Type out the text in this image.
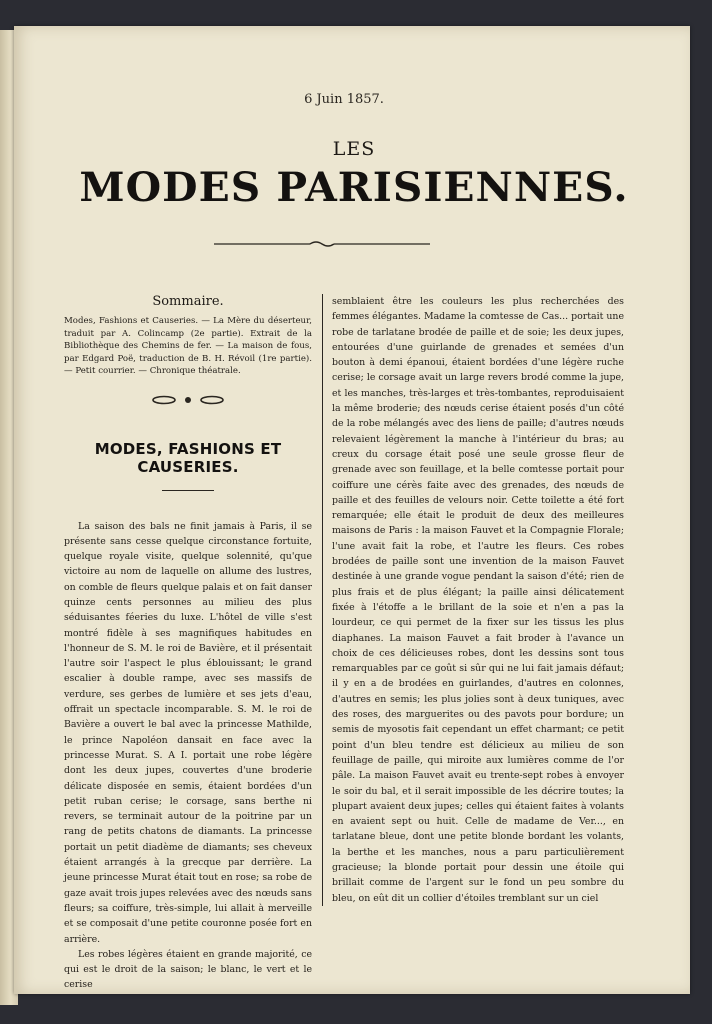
6 Juin 1857.
LES
MODES PARISIENNES.
Sommaire.

Modes, Fashions et Causeries. — La Mère du déserteur, traduit par A. Colincamp (2e partie). Extrait de la Bibliothèque des Chemins de fer. — La maison de fous, par Edgard Poë, traduction de B. H. Révoil (1re partie). — Petit courrier. — Chronique théatrale.

MODES, FASHIONS ET CAUSERIES.

La saison des bals ne finit jamais à Paris, il se présente sans cesse quelque circonstance fortuite, quelque royale visite, quelque solennité, qu'que victoire au nom de laquelle on allume des lustres, on comble de fleurs quelque palais et on fait danser quinze cents personnes au milieu des plus séduisantes féeries du luxe. L'hôtel de ville s'est montré fidèle à ses magnifiques habitudes en l'honneur de S. M. le roi de Bavière, et il présentait l'autre soir l'aspect le plus éblouissant; le grand escalier à double rampe, avec ses massifs de verdure, ses gerbes de lumière et ses jets d'eau, offrait un spectacle incomparable. S. M. le roi de Bavière a ouvert le bal avec la princesse Mathilde, le prince Napoléon dansait en face avec la princesse Murat. S. A I. portait une robe légère dont les deux jupes, couvertes d'une broderie délicate disposée en semis, étaient bordées d'un petit ruban cerise; le corsage, sans berthe ni revers, se terminait autour de la poitrine par un rang de petits chatons de diamants. La princesse portait un petit diadème de diamants; ses cheveux étaient arrangés à la grecque par derrière. La jeune princesse Murat était tout en rose; sa robe de gaze avait trois jupes relevées avec des nœuds sans fleurs; sa coiffure, très-simple, lui allait à merveille et se composait d'une petite couronne posée fort en arrière.

Les robes légères étaient en grande majorité, ce qui est le droit de la saison; le blanc, le vert et le cerise

semblaient être les couleurs les plus recherchées des femmes élégantes. Madame la comtesse de Cas... portait une robe de tarlatane brodée de paille et de soie; les deux jupes, entourées d'une guirlande de grenades et semées d'un bouton à demi épanoui, étaient bordées d'une légère ruche cerise; le corsage avait un large revers brodé comme la jupe, et les manches, très-larges et très-tombantes, reproduisaient la même broderie; des nœuds cerise étaient posés d'un côté de la robe mélangés avec des liens de paille; d'autres nœuds relevaient légèrement la manche à l'intérieur du bras; au creux du corsage était posé une seule grosse fleur de grenade avec son feuillage, et la belle comtesse portait pour coiffure une cérès faite avec des grenades, des nœuds de paille et des feuilles de velours noir. Cette toilette a été fort remarquée; elle était le produit de deux des meilleures maisons de Paris : la maison Fauvet et la Compagnie Florale; l'une avait fait la robe, et l'autre les fleurs. Ces robes brodées de paille sont une invention de la maison Fauvet destinée à une grande vogue pendant la saison d'été; rien de plus frais et de plus élégant; la paille ainsi délicatement fixée à l'étoffe a le brillant de la soie et n'en a pas la lourdeur, ce qui permet de la fixer sur les tissus les plus diaphanes. La maison Fauvet a fait broder à l'avance un choix de ces délicieuses robes, dont les dessins sont tous remarquables par ce goût si sûr qui ne lui fait jamais défaut; il y en a de brodées en guirlandes, d'autres en colonnes, d'autres en semis; les plus jolies sont à deux tuniques, avec des roses, des marguerites ou des pavots pour bordure; un semis de myosotis fait cependant un effet charmant; ce petit point d'un bleu tendre est délicieux au milieu de son feuillage de paille, qui miroite aux lumières comme de l'or pâle. La maison Fauvet avait eu trente-sept robes à envoyer le soir du bal, et il serait impossible de les décrire toutes; la plupart avaient deux jupes; celles qui étaient faites à volants en avaient sept ou huit. Celle de madame de Ver..., en tarlatane bleue, dont une petite blonde bordant les volants, la berthe et les manches, nous a paru particulièrement gracieuse; la blonde portait pour dessin une étoile qui brillait comme de l'argent sur le fond un peu sombre du bleu, on eût dit un collier d'étoiles tremblant sur un ciel
